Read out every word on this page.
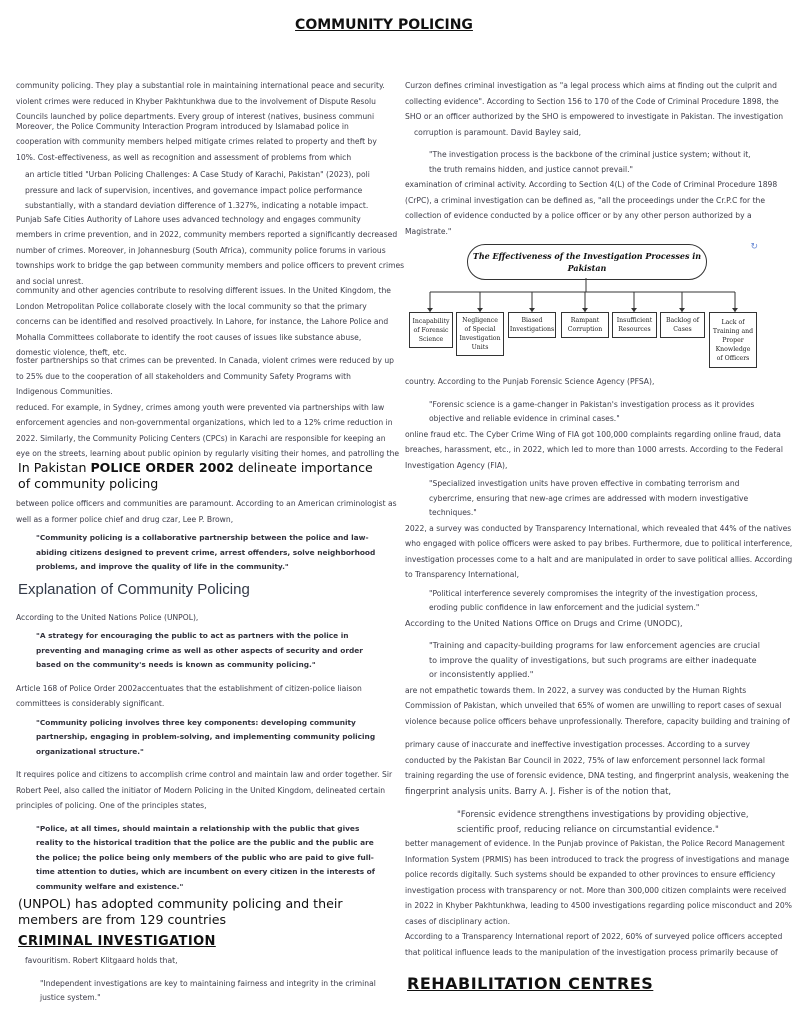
COMMUNITY POLICING

community policing. They play a substantial role in maintaining international peace and security.

violent crimes were reduced in Khyber Pakhtunkhwa due to the involvement of Dispute Resolu

Councils launched by police departments. Every group of interest (natives, business communi

Moreover, the Police Community Interaction Program introduced by Islamabad police in

cooperation with community members helped mitigate crimes related to property and theft by

10%. Cost-effectiveness, as well as recognition and assessment of problems from which

an article titled "Urban Policing Challenges: A Case Study of Karachi, Pakistan" (2023), poli

pressure and lack of supervision, incentives, and governance impact police performance

substantially, with a standard deviation difference of 1.327%, indicating a notable impact.

Punjab Safe Cities Authority of Lahore uses advanced technology and engages community

members in crime prevention, and in 2022, community members reported a significantly decreased

number of crimes. Moreover, in Johannesburg (South Africa), community police forums in various

townships work to bridge the gap between community members and police officers to prevent crimes

and social unrest.

community and other agencies contribute to resolving different issues. In the United Kingdom, the

London Metropolitan Police collaborate closely with the local community so that the primary

concerns can be identified and resolved proactively. In Lahore, for instance, the Lahore Police and

Mohalla Committees collaborate to identify the root causes of issues like substance abuse,

domestic violence, theft, etc.

foster partnerships so that crimes can be prevented. In Canada, violent crimes were reduced by up

to 25% due to the cooperation of all stakeholders and Community Safety Programs with

Indigenous Communities.

reduced. For example, in Sydney, crimes among youth were prevented via partnerships with law

enforcement agencies and non-governmental organizations, which led to a 12% crime reduction in

2022. Similarly, the Community Policing Centers (CPCs) in Karachi are responsible for keeping an

eye on the streets, learning about public opinion by regularly visiting their homes, and patrolling the

In Pakistan POLICE ORDER 2002 delineate importance of community policing

between police officers and communities are paramount. According to an American criminologist as

well as a former police chief and drug czar, Lee P. Brown,

"Community policing is a collaborative partnership between the police and law-abiding citizens designed to prevent crime, arrest offenders, solve neighborhood problems, and improve the quality of life in the community."

Explanation of Community Policing

According to the United Nations Police (UNPOL),

"A strategy for encouraging the public to act as partners with the police in preventing and managing crime as well as other aspects of security and order based on the community's needs is known as community policing."

Article 168 of Police Order 2002accentuates that the establishment of citizen-police liaison

committees is considerably significant.

"Community policing involves three key components: developing community partnership, engaging in problem-solving, and implementing community policing organizational structure."

It requires police and citizens to accomplish crime control and maintain law and order together. Sir

Robert Peel, also called the initiator of Modern Policing in the United Kingdom, delineated certain

principles of policing. One of the principles states,

"Police, at all times, should maintain a relationship with the public that gives reality to the historical tradition that the police are the public and the public are the police; the police being only members of the public who are paid to give full-time attention to duties, which are incumbent on every citizen in the interests of community welfare and existence."

(UNPOL) has adopted community policing and their members are from 129 countries
CRIMINAL INVESTIGATION

favouritism. Robert Klitgaard holds that,

"Independent investigations are key to maintaining fairness and integrity in the criminal justice system."

Curzon defines criminal investigation as "a legal process which aims at finding out the culprit and

collecting evidence". According to Section 156 to 170 of the Code of Criminal Procedure 1898, the

SHO or an officer authorized by the SHO is empowered to investigate in Pakistan. The investigation

corruption is paramount. David Bayley said,

"The investigation process is the backbone of the criminal justice system; without it, the truth remains hidden, and justice cannot prevail."

examination of criminal activity. According to Section 4(L) of the Code of Criminal Procedure 1898

(CrPC), a criminal investigation can be defined as, "all the proceedings under the Cr.P.C for the

collection of evidence conducted by a police officer or by any other person authorized by a

Magistrate."

The Effectiveness of the Investigation Processes in Pakistan
↻
Incapability of Forensic Science
Negligence of Special Investigation Units
Biased Investigations
Rampant Corruption
Insufficient Resources
Backlog of Cases
Lack of Training and Proper Knowledge of Officers

country. According to the Punjab Forensic Science Agency (PFSA),

"Forensic science is a game-changer in Pakistan's investigation process as it provides objective and reliable evidence in criminal cases."

online fraud etc. The Cyber Crime Wing of FIA got 100,000 complaints regarding online fraud, data

breaches, harassment, etc., in 2022, which led to more than 1000 arrests. According to the Federal

Investigation Agency (FIA),

"Specialized investigation units have proven effective in combating terrorism and cybercrime, ensuring that new-age crimes are addressed with modern investigative techniques."

2022, a survey was conducted by Transparency International, which revealed that 44% of the natives

who engaged with police officers were asked to pay bribes. Furthermore, due to political interference,

investigation processes come to a halt and are manipulated in order to save political allies. According

to Transparency International,

"Political interference severely compromises the integrity of the investigation process, eroding public confidence in law enforcement and the judicial system."

According to the United Nations Office on Drugs and Crime (UNODC),

"Training and capacity-building programs for law enforcement agencies are crucial to improve the quality of investigations, but such programs are either inadequate or inconsistently applied."

are not empathetic towards them. In 2022, a survey was conducted by the Human Rights

Commission of Pakistan, which unveiled that 65% of women are unwilling to report cases of sexual

violence because police officers behave unprofessionally. Therefore, capacity building and training of

primary cause of inaccurate and ineffective investigation processes. According to a survey

conducted by the Pakistan Bar Council in 2022, 75% of law enforcement personnel lack formal

training regarding the use of forensic evidence, DNA testing, and fingerprint analysis, weakening the

fingerprint analysis units. Barry A. J. Fisher is of the notion that,

"Forensic evidence strengthens investigations by providing objective, scientific proof, reducing reliance on circumstantial evidence."

better management of evidence. In the Punjab province of Pakistan, the Police Record Management

Information System (PRMIS) has been introduced to track the progress of investigations and manage

police records digitally. Such systems should be expanded to other provinces to ensure efficiency

investigation process with transparency or not. More than 300,000 citizen complaints were received

in 2022 in Khyber Pakhtunkhwa, leading to 4500 investigations regarding police misconduct and 20%

cases of disciplinary action.

According to a Transparency International report of 2022, 60% of surveyed police officers accepted

that political influence leads to the manipulation of the investigation process primarily because of

REHABILITATION CENTRES
